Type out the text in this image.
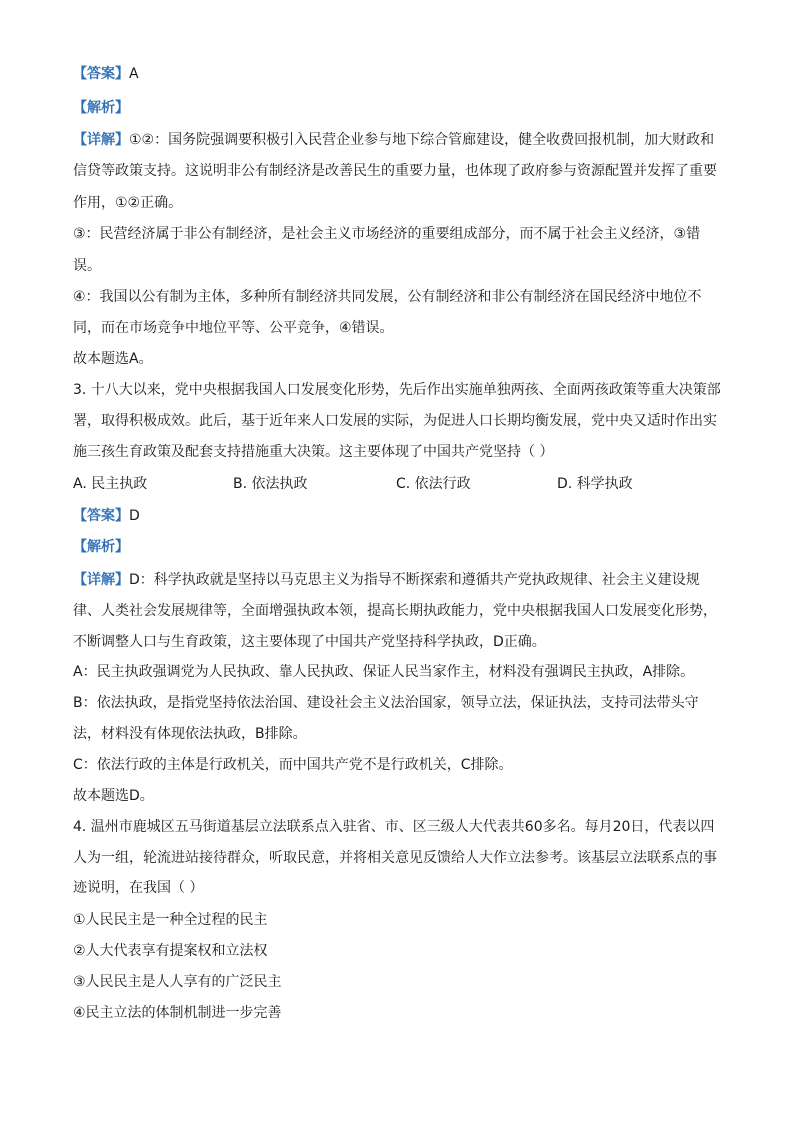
【答案】A
【解析】
【详解】①②：国务院强调要积极引入民营企业参与地下综合管廊建设，健全收费回报机制，加大财政和
信贷等政策支持。这说明非公有制经济是改善民生的重要力量，也体现了政府参与资源配置并发挥了重要
作用，①②正确。
③：民营经济属于非公有制经济，是社会主义市场经济的重要组成部分，而不属于社会主义经济，③错
误。
④：我国以公有制为主体，多种所有制经济共同发展，公有制经济和非公有制经济在国民经济中地位不
同，而在市场竞争中地位平等、公平竞争，④错误。
故本题选A。
3. 十八大以来，党中央根据我国人口发展变化形势，先后作出实施单独两孩、全面两孩政策等重大决策部
署，取得积极成效。此后，基于近年来人口发展的实际，为促进人口长期均衡发展，党中央又适时作出实
施三孩生育政策及配套支持措施重大决策。这主要体现了中国共产党坚持（ ）
A. 民主执政	B. 依法执政	C. 依法行政	D. 科学执政
【答案】D
【解析】
【详解】D：科学执政就是坚持以马克思主义为指导不断探索和遵循共产党执政规律、社会主义建设规
律、人类社会发展规律等，全面增强执政本领，提高长期执政能力，党中央根据我国人口发展变化形势，
不断调整人口与生育政策，这主要体现了中国共产党坚持科学执政，D正确。
A：民主执政强调党为人民执政、靠人民执政、保证人民当家作主，材料没有强调民主执政，A排除。
B：依法执政，是指党坚持依法治国、建设社会主义法治国家，领导立法，保证执法，支持司法带头守
法，材料没有体现依法执政，B排除。
C：依法行政的主体是行政机关，而中国共产党不是行政机关，C排除。
故本题选D。
4. 温州市鹿城区五马街道基层立法联系点入驻省、市、区三级人大代表共60多名。每月20日，代表以四
人为一组，轮流进站接待群众，听取民意，并将相关意见反馈给人大作立法参考。该基层立法联系点的事
迹说明，在我国（ ）
①人民民主是一种全过程的民主
②人大代表享有提案权和立法权
③人民民主是人人享有的广泛民主
④民主立法的体制机制进一步完善
